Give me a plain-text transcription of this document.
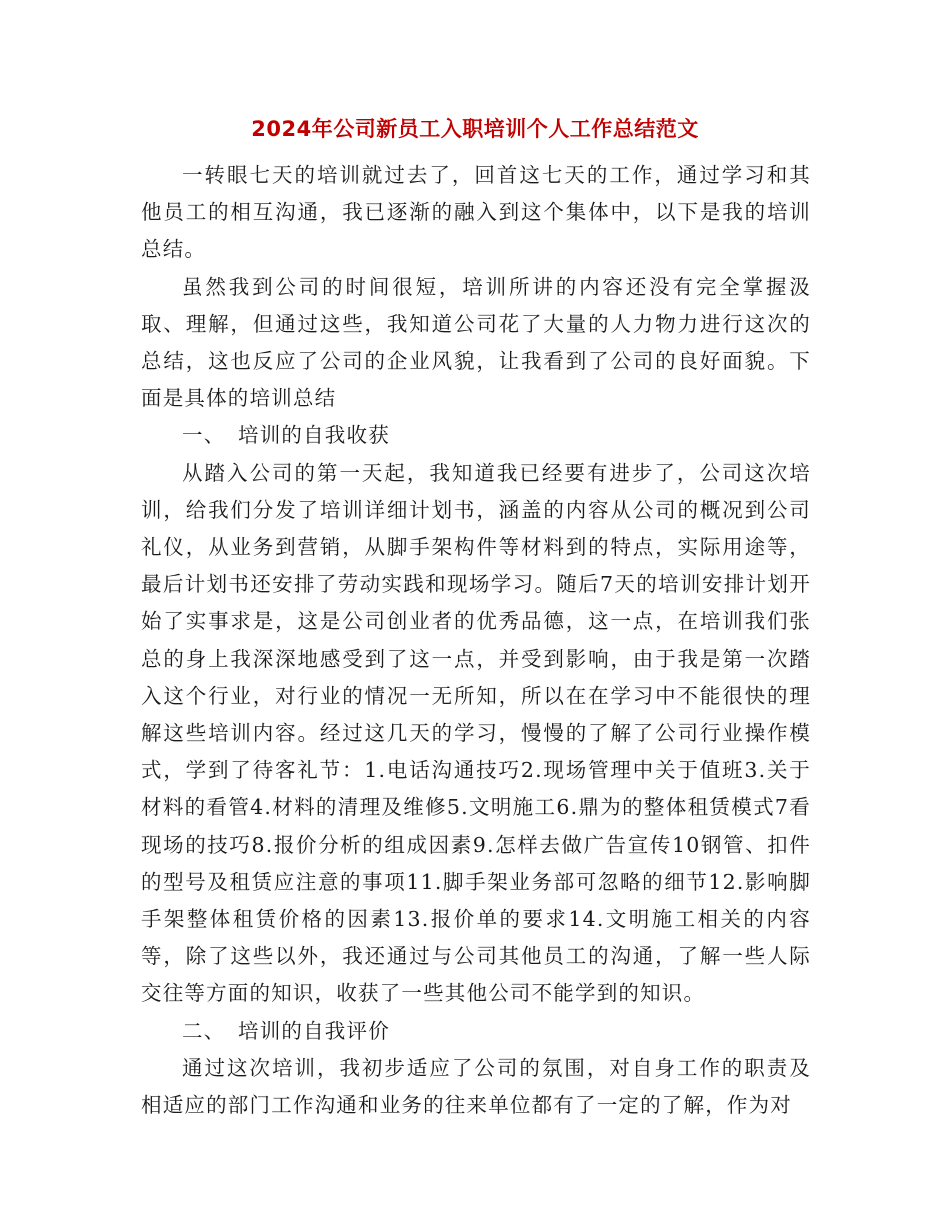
2024年公司新员工入职培训个人工作总结范文

一转眼七天的培训就过去了，回首这七天的工作，通过学习和其他员工的相互沟通，我已逐渐的融入到这个集体中，以下是我的培训总结。

虽然我到公司的时间很短，培训所讲的内容还没有完全掌握汲取、理解，但通过这些，我知道公司花了大量的人力物力进行这次的总结，这也反应了公司的企业风貌，让我看到了公司的良好面貌。下面是具体的培训总结

一、 培训的自我收获

从踏入公司的第一天起，我知道我已经要有进步了，公司这次培训，给我们分发了培训详细计划书，涵盖的内容从公司的概况到公司礼仪，从业务到营销，从脚手架构件等材料到的特点，实际用途等，最后计划书还安排了劳动实践和现场学习。随后7天的培训安排计划开始了实事求是，这是公司创业者的优秀品德，这一点，在培训我们张总的身上我深深地感受到了这一点，并受到影响，由于我是第一次踏入这个行业，对行业的情况一无所知，所以在在学习中不能很快的理解这些培训内容。经过这几天的学习，慢慢的了解了公司行业操作模式，学到了待客礼节：1.电话沟通技巧2.现场管理中关于值班3.关于材料的看管4.材料的清理及维修5.文明施工6.鼎为的整体租赁模式7看现场的技巧8.报价分析的组成因素9.怎样去做广告宣传10钢管、扣件的型号及租赁应注意的事项11.脚手架业务部可忽略的细节12.影响脚手架整体租赁价格的因素13.报价单的要求14.文明施工相关的内容等，除了这些以外，我还通过与公司其他员工的沟通，了解一些人际交往等方面的知识，收获了一些其他公司不能学到的知识。

二、 培训的自我评价

通过这次培训，我初步适应了公司的氛围，对自身工作的职责及相适应的部门工作沟通和业务的往来单位都有了一定的了解，作为对
